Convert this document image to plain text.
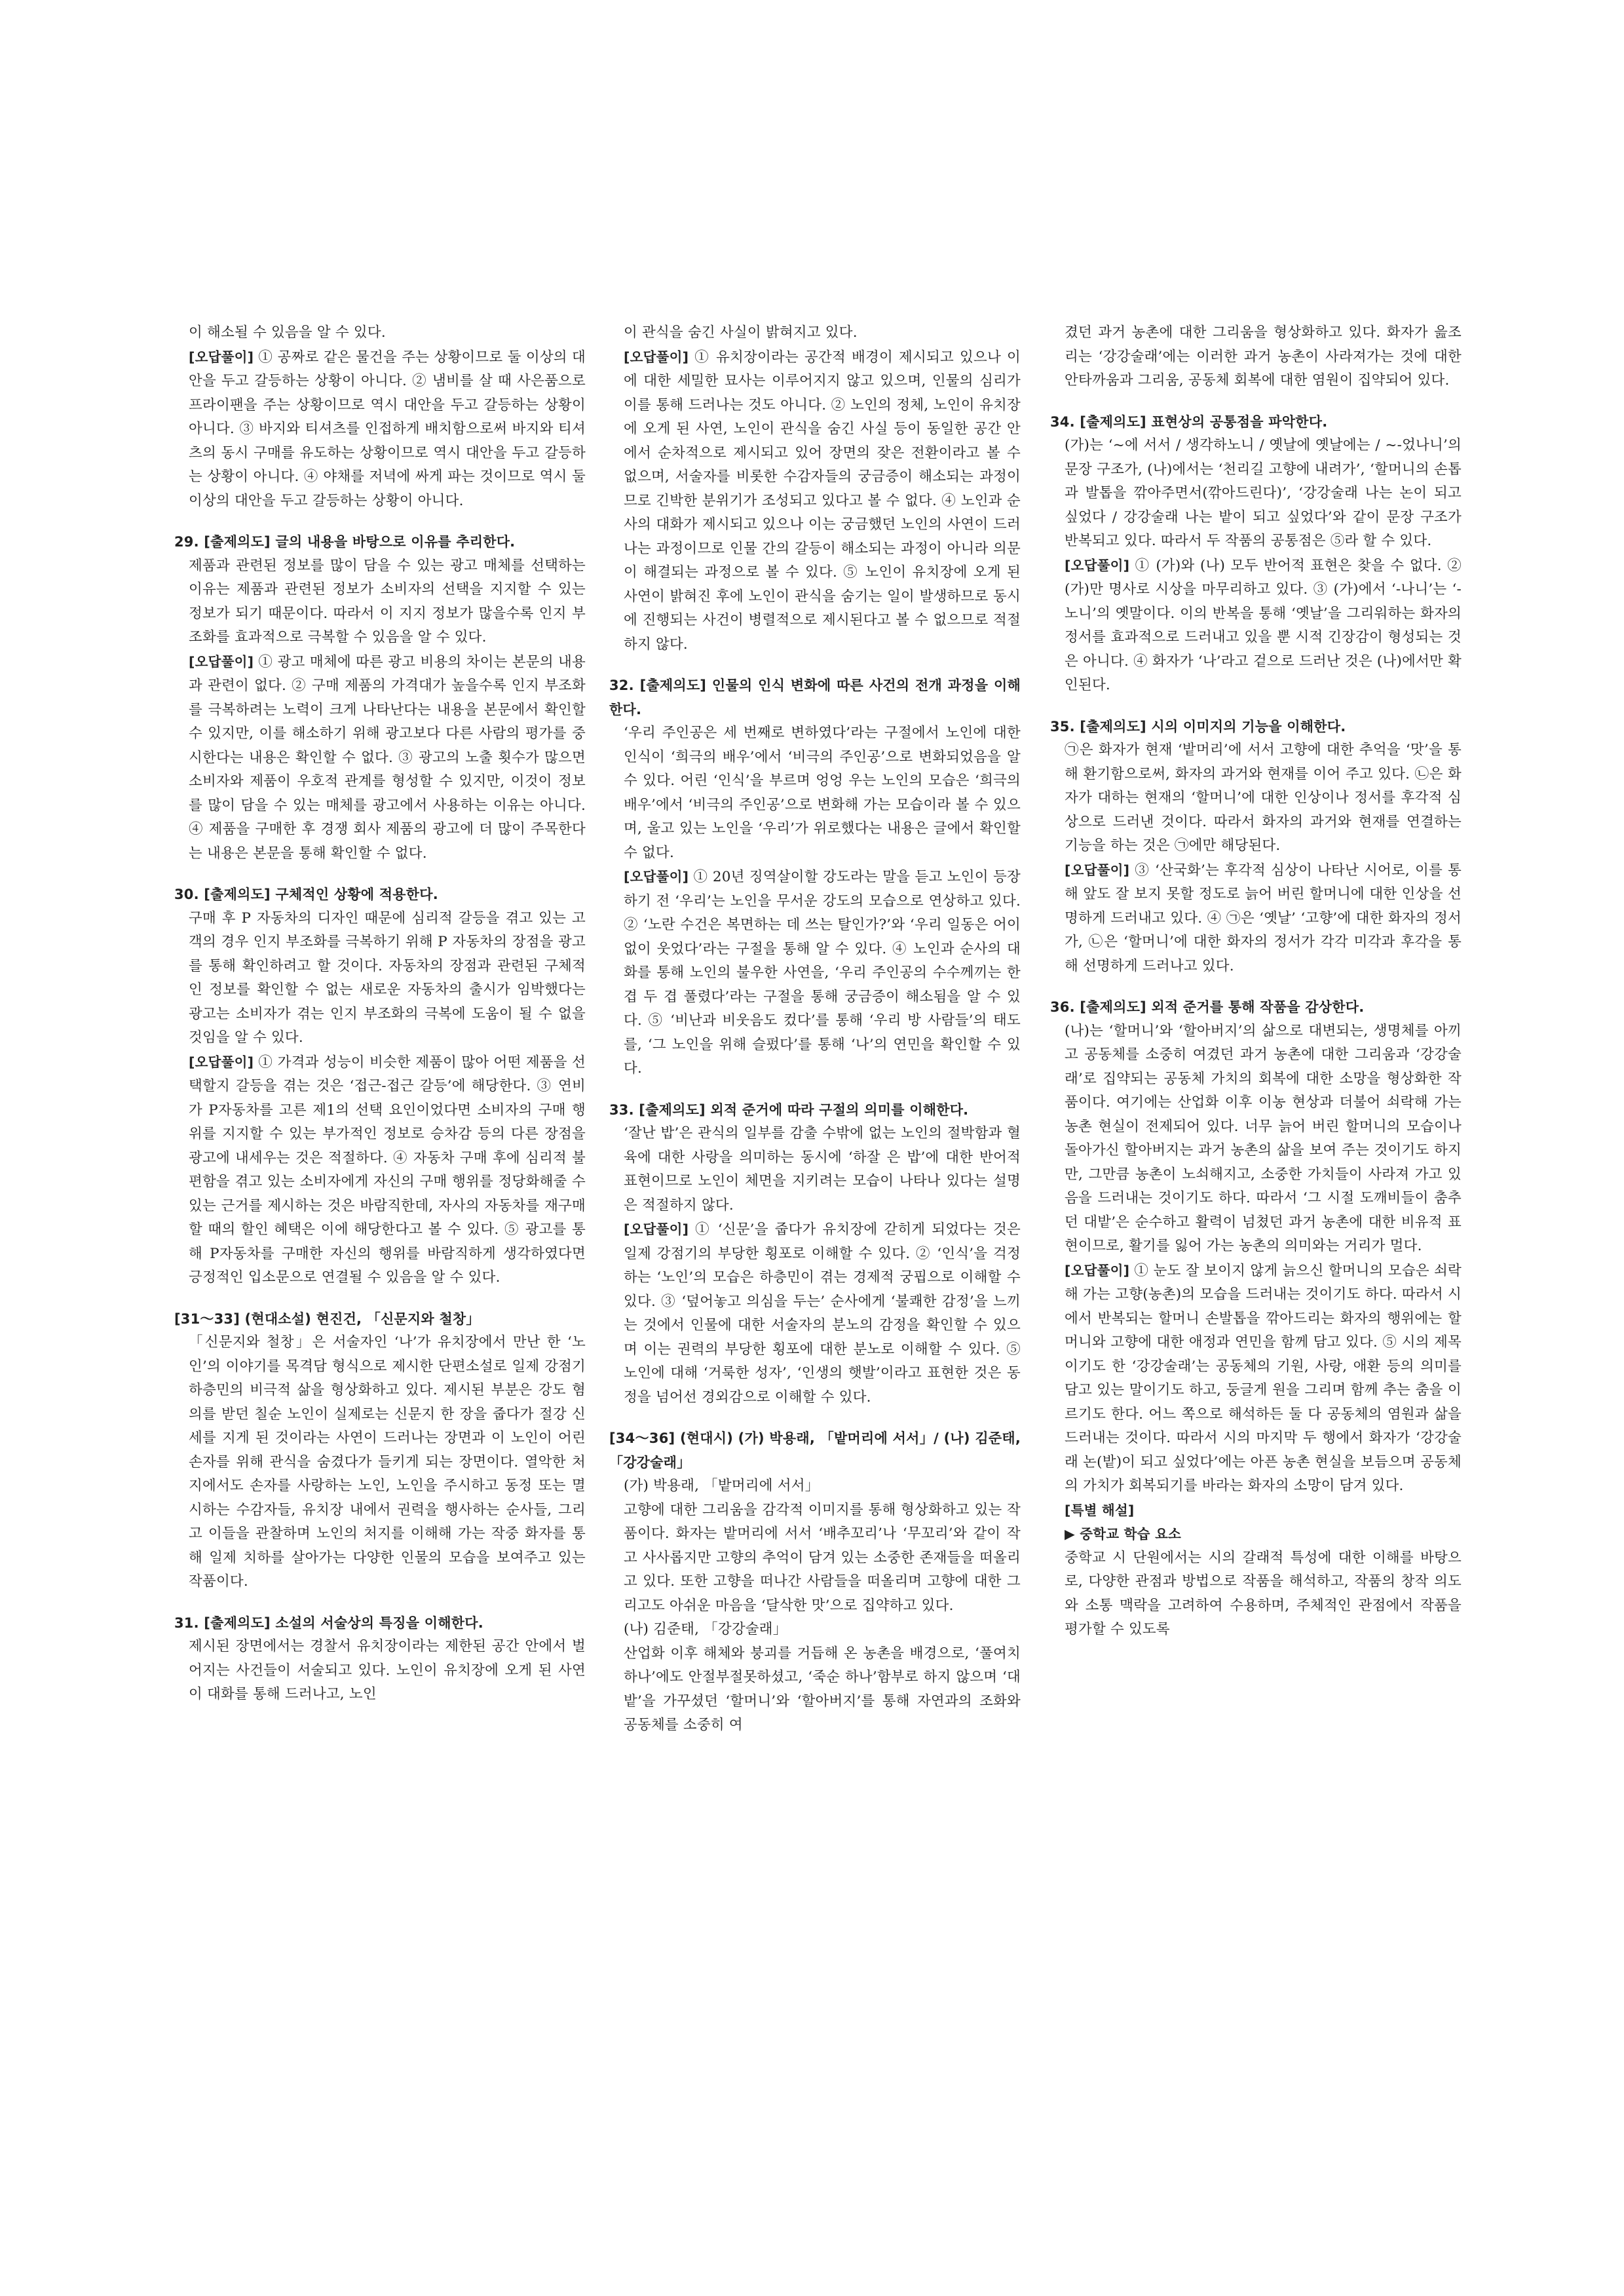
이 해소될 수 있음을 알 수 있다.
[오답풀이] ① 공짜로 같은 물건을 주는 상황이므로 둘 이상의 대안을 두고 갈등하는 상황이 아니다. ② 냄비를 살 때 사은품으로 프라이팬을 주는 상황이므로 역시 대안을 두고 갈등하는 상황이 아니다. ③ 바지와 티셔츠를 인접하게 배치함으로써 바지와 티셔츠의 동시 구매를 유도하는 상황이므로 역시 대안을 두고 갈등하는 상황이 아니다. ④ 야채를 저녁에 싸게 파는 것이므로 역시 둘 이상의 대안을 두고 갈등하는 상황이 아니다.
29. [출제의도] 글의 내용을 바탕으로 이유를 추리한다.
제품과 관련된 정보를 많이 담을 수 있는 광고 매체를 선택하는 이유는 제품과 관련된 정보가 소비자의 선택을 지지할 수 있는 정보가 되기 때문이다. 따라서 이 지지 정보가 많을수록 인지 부조화를 효과적으로 극복할 수 있음을 알 수 있다.
[오답풀이] ① 광고 매체에 따른 광고 비용의 차이는 본문의 내용과 관련이 없다. ② 구매 제품의 가격대가 높을수록 인지 부조화를 극복하려는 노력이 크게 나타난다는 내용을 본문에서 확인할 수 있지만, 이를 해소하기 위해 광고보다 다른 사람의 평가를 중시한다는 내용은 확인할 수 없다. ③ 광고의 노출 횟수가 많으면 소비자와 제품이 우호적 관계를 형성할 수 있지만, 이것이 정보를 많이 담을 수 있는 매체를 광고에서 사용하는 이유는 아니다. ④ 제품을 구매한 후 경쟁 회사 제품의 광고에 더 많이 주목한다는 내용은 본문을 통해 확인할 수 없다.
30. [출제의도] 구체적인 상황에 적용한다.
구매 후 P 자동차의 디자인 때문에 심리적 갈등을 겪고 있는 고객의 경우 인지 부조화를 극복하기 위해 P 자동차의 장점을 광고를 통해 확인하려고 할 것이다. 자동차의 장점과 관련된 구체적인 정보를 확인할 수 없는 새로운 자동차의 출시가 임박했다는 광고는 소비자가 겪는 인지 부조화의 극복에 도움이 될 수 없을 것임을 알 수 있다.
[오답풀이] ① 가격과 성능이 비슷한 제품이 많아 어떤 제품을 선택할지 갈등을 겪는 것은 ‘접근-접근 갈등’에 해당한다. ③ 연비가 P자동차를 고른 제1의 선택 요인이었다면 소비자의 구매 행위를 지지할 수 있는 부가적인 정보로 승차감 등의 다른 장점을 광고에 내세우는 것은 적절하다. ④ 자동차 구매 후에 심리적 불편함을 겪고 있는 소비자에게 자신의 구매 행위를 정당화해줄 수 있는 근거를 제시하는 것은 바람직한데, 자사의 자동차를 재구매할 때의 할인 혜택은 이에 해당한다고 볼 수 있다. ⑤ 광고를 통해 P자동차를 구매한 자신의 행위를 바람직하게 생각하였다면 긍정적인 입소문으로 연결될 수 있음을 알 수 있다.
[31～33] (현대소설) 현진건, 「신문지와 철창」
「신문지와 철창」은 서술자인 ‘나’가 유치장에서 만난 한 ‘노인’의 이야기를 목격담 형식으로 제시한 단편소설로 일제 강점기 하층민의 비극적 삶을 형상화하고 있다. 제시된 부분은 강도 혐의를 받던 칠순 노인이 실제로는 신문지 한 장을 줍다가 절강 신세를 지게 된 것이라는 사연이 드러나는 장면과 이 노인이 어린 손자를 위해 관식을 숨겼다가 들키게 되는 장면이다. 열악한 처지에서도 손자를 사랑하는 노인, 노인을 주시하고 동정 또는 멸시하는 수감자들, 유치장 내에서 권력을 행사하는 순사들, 그리고 이들을 관찰하며 노인의 처지를 이해해 가는 작중 화자를 통해 일제 치하를 살아가는 다양한 인물의 모습을 보여주고 있는 작품이다.
31. [출제의도] 소설의 서술상의 특징을 이해한다.
제시된 장면에서는 경찰서 유치장이라는 제한된 공간 안에서 벌어지는 사건들이 서술되고 있다. 노인이 유치장에 오게 된 사연이 대화를 통해 드러나고, 노인
이 관식을 숨긴 사실이 밝혀지고 있다.
[오답풀이] ① 유치장이라는 공간적 배경이 제시되고 있으나 이에 대한 세밀한 묘사는 이루어지지 않고 있으며, 인물의 심리가 이를 통해 드러나는 것도 아니다. ② 노인의 정체, 노인이 유치장에 오게 된 사연, 노인이 관식을 숨긴 사실 등이 동일한 공간 안에서 순차적으로 제시되고 있어 장면의 잦은 전환이라고 볼 수 없으며, 서술자를 비롯한 수감자들의 궁금증이 해소되는 과정이므로 긴박한 분위기가 조성되고 있다고 볼 수 없다. ④ 노인과 순사의 대화가 제시되고 있으나 이는 궁금했던 노인의 사연이 드러나는 과정이므로 인물 간의 갈등이 해소되는 과정이 아니라 의문이 해결되는 과정으로 볼 수 있다. ⑤ 노인이 유치장에 오게 된 사연이 밝혀진 후에 노인이 관식을 숨기는 일이 발생하므로 동시에 진행되는 사건이 병렬적으로 제시된다고 볼 수 없으므로 적절하지 않다.
32. [출제의도] 인물의 인식 변화에 따른 사건의 전개 과정을 이해한다.
‘우리 주인공은 세 번째로 변하였다’라는 구절에서 노인에 대한 인식이 ‘희극의 배우’에서 ‘비극의 주인공’으로 변화되었음을 알 수 있다. 어린 ‘인식’을 부르며 엉엉 우는 노인의 모습은 ‘희극의 배우’에서 ‘비극의 주인공’으로 변화해 가는 모습이라 볼 수 있으며, 울고 있는 노인을 ‘우리’가 위로했다는 내용은 글에서 확인할 수 없다.
[오답풀이] ① 20년 징역살이할 강도라는 말을 듣고 노인이 등장하기 전 ‘우리’는 노인을 무서운 강도의 모습으로 연상하고 있다. ② ‘노란 수건은 복면하는 데 쓰는 탈인가?’와 ‘우리 일동은 어이없이 웃었다’라는 구절을 통해 알 수 있다. ④ 노인과 순사의 대화를 통해 노인의 불우한 사연을, ‘우리 주인공의 수수께끼는 한 겹 두 겹 풀렸다’라는 구절을 통해 궁금증이 해소됨을 알 수 있다. ⑤ ‘비난과 비웃음도 컸다’를 통해 ‘우리 방 사람들’의 태도를, ‘그 노인을 위해 슬펐다’를 통해 ‘나’의 연민을 확인할 수 있다.
33. [출제의도] 외적 준거에 따라 구절의 의미를 이해한다.
‘잘난 밥’은 관식의 일부를 감출 수밖에 없는 노인의 절박함과 혈육에 대한 사랑을 의미하는 동시에 ‘하잘 은 밥’에 대한 반어적 표현이므로 노인이 체면을 지키려는 모습이 나타나 있다는 설명은 적절하지 않다.
[오답풀이] ① ‘신문’을 줍다가 유치장에 갇히게 되었다는 것은 일제 강점기의 부당한 횡포로 이해할 수 있다. ② ‘인식’을 걱정하는 ‘노인’의 모습은 하층민이 겪는 경제적 궁핍으로 이해할 수 있다. ③ ‘덮어놓고 의심을 두는’ 순사에게 ‘불쾌한 감정’을 느끼는 것에서 인물에 대한 서술자의 분노의 감정을 확인할 수 있으며 이는 권력의 부당한 횡포에 대한 분노로 이해할 수 있다. ⑤ 노인에 대해 ‘거룩한 성자’, ‘인생의 햇발’이라고 표현한 것은 동정을 넘어선 경외감으로 이해할 수 있다.
[34～36] (현대시) (가) 박용래, 「밭머리에 서서」/ (나) 김준태, 「강강술래」
(가) 박용래, 「밭머리에 서서」
고향에 대한 그리움을 감각적 이미지를 통해 형상화하고 있는 작품이다. 화자는 밭머리에 서서 ‘배추꼬리’나 ‘무꼬리’와 같이 작고 사사롭지만 고향의 추억이 담겨 있는 소중한 존재들을 떠올리고 있다. 또한 고향을 떠나간 사람들을 떠올리며 고향에 대한 그리고도 아쉬운 마음을 ‘달삭한 맛’으로 집약하고 있다.
(나) 김준태, 「강강술래」
산업화 이후 해체와 붕괴를 거듭해 온 농촌을 배경으로, ‘풀여치 하나’에도 안절부절못하셨고, ‘죽순 하나’함부로 하지 않으며 ‘대밭’을 가꾸셨던 ‘할머니’와 ‘할아버지’를 통해 자연과의 조화와 공동체를 소중히 여
겼던 과거 농촌에 대한 그리움을 형상화하고 있다. 화자가 읊조리는 ‘강강술래’에는 이러한 과거 농촌이 사라져가는 것에 대한 안타까움과 그리움, 공동체 회복에 대한 염원이 집약되어 있다.
34. [출제의도] 표현상의 공통점을 파악한다.
(가)는 ‘~에 서서 / 생각하노니 / 옛날에 옛날에는 / ~-었나니’의 문장 구조가, (나)에서는 ‘천리길 고향에 내려가’, ‘할머니의 손톱과 발톱을 깎아주면서(깎아드린다)’, ‘강강술래 나는 논이 되고 싶었다 / 강강술래 나는 밭이 되고 싶었다’와 같이 문장 구조가 반복되고 있다. 따라서 두 작품의 공통점은 ⑤라 할 수 있다.
[오답풀이] ① (가)와 (나) 모두 반어적 표현은 찾을 수 없다. ② (가)만 명사로 시상을 마무리하고 있다. ③ (가)에서 ‘-나니’는 ‘-노니’의 옛말이다. 이의 반복을 통해 ‘옛날’을 그리워하는 화자의 정서를 효과적으로 드러내고 있을 뿐 시적 긴장감이 형성되는 것은 아니다. ④ 화자가 ‘나’라고 겉으로 드러난 것은 (나)에서만 확인된다.
35. [출제의도] 시의 이미지의 기능을 이해한다.
㉠은 화자가 현재 ‘밭머리’에 서서 고향에 대한 추억을 ‘맛’을 통해 환기함으로써, 화자의 과거와 현재를 이어 주고 있다. ㉡은 화자가 대하는 현재의 ‘할머니’에 대한 인상이나 정서를 후각적 심상으로 드러낸 것이다. 따라서 화자의 과거와 현재를 연결하는 기능을 하는 것은 ㉠에만 해당된다.
[오답풀이] ③ ‘산국화’는 후각적 심상이 나타난 시어로, 이를 통해 앞도 잘 보지 못할 정도로 늙어 버린 할머니에 대한 인상을 선명하게 드러내고 있다. ④ ㉠은 ‘옛날’ ‘고향’에 대한 화자의 정서가, ㉡은 ‘할머니’에 대한 화자의 정서가 각각 미각과 후각을 통해 선명하게 드러나고 있다.
36. [출제의도] 외적 준거를 통해 작품을 감상한다.
(나)는 ‘할머니’와 ‘할아버지’의 삶으로 대변되는, 생명체를 아끼고 공동체를 소중히 여겼던 과거 농촌에 대한 그리움과 ‘강강술래’로 집약되는 공동체 가치의 회복에 대한 소망을 형상화한 작품이다. 여기에는 산업화 이후 이농 현상과 더불어 쇠락해 가는 농촌 현실이 전제되어 있다. 너무 늙어 버린 할머니의 모습이나 돌아가신 할아버지는 과거 농촌의 삶을 보여 주는 것이기도 하지만, 그만큼 농촌이 노쇠해지고, 소중한 가치들이 사라져 가고 있음을 드러내는 것이기도 하다. 따라서 ‘그 시절 도깨비들이 춤추던 대밭’은 순수하고 활력이 넘쳤던 과거 농촌에 대한 비유적 표현이므로, 활기를 잃어 가는 농촌의 의미와는 거리가 멀다.
[오답풀이] ① 눈도 잘 보이지 않게 늙으신 할머니의 모습은 쇠락해 가는 고향(농촌)의 모습을 드러내는 것이기도 하다. 따라서 시에서 반복되는 할머니 손발톱을 깎아드리는 화자의 행위에는 할머니와 고향에 대한 애정과 연민을 함께 담고 있다. ⑤ 시의 제목이기도 한 ‘강강술래’는 공동체의 기원, 사랑, 애환 등의 의미를 담고 있는 말이기도 하고, 둥글게 원을 그리며 함께 추는 춤을 이르기도 한다. 어느 쪽으로 해석하든 둘 다 공동체의 염원과 삶을 드러내는 것이다. 따라서 시의 마지막 두 행에서 화자가 ‘강강술래 논(밭)이 되고 싶었다’에는 아픈 농촌 현실을 보듬으며 공동체의 가치가 회복되기를 바라는 화자의 소망이 담겨 있다.
[특별 해설]
▶ 중학교 학습 요소
중학교 시 단원에서는 시의 갈래적 특성에 대한 이해를 바탕으로, 다양한 관점과 방법으로 작품을 해석하고, 작품의 창작 의도와 소통 맥락을 고려하여 수용하며, 주체적인 관점에서 작품을 평가할 수 있도록
